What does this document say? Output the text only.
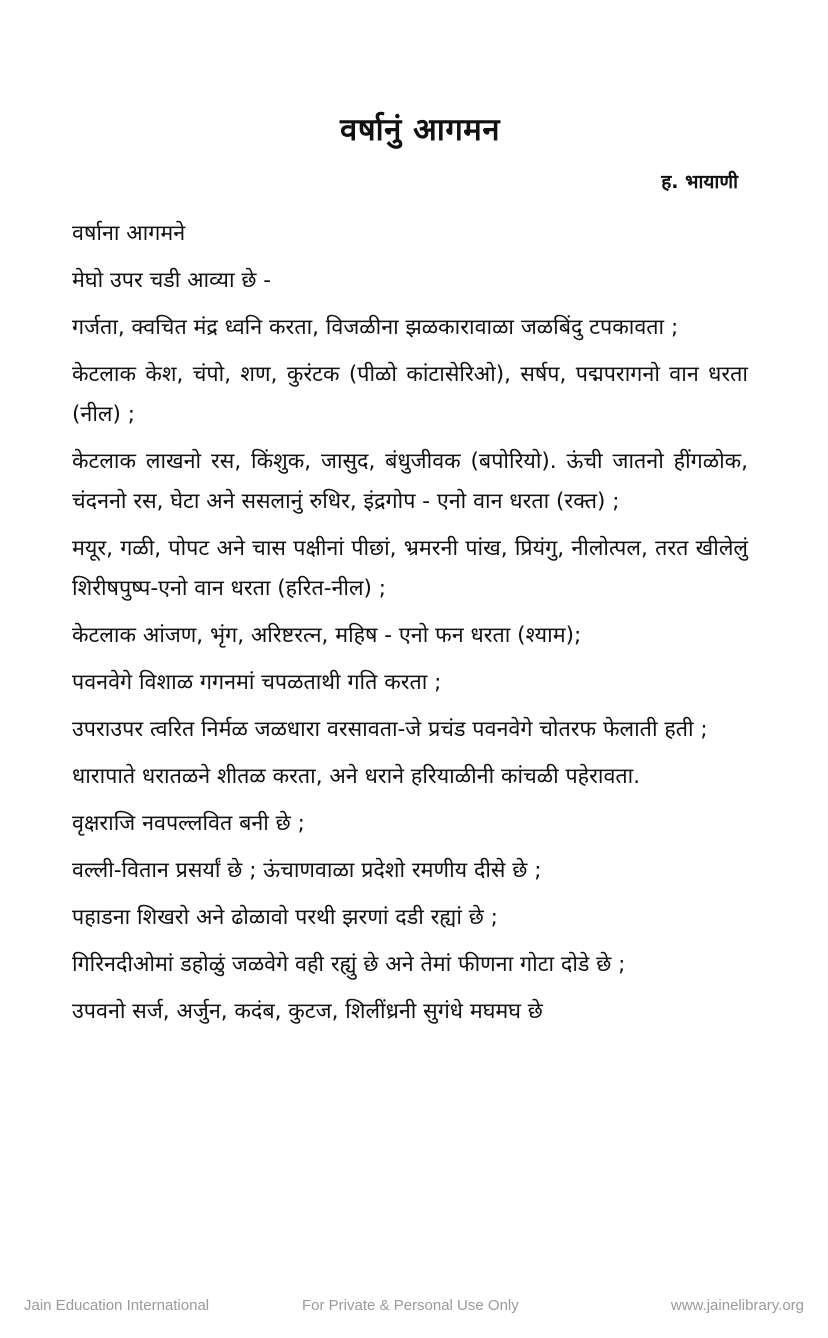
वर्षानुं आगमन
ह. भायाणी

वर्षाना आगमने

मेघो उपर चडी आव्या छे -

गर्जता, क्वचित मंद्र ध्वनि करता, विजळीना झळकारावाळा जळबिंदु टपकावता ;

केटलाक केश, चंपो, शण, कुरंटक (पीळो कांटासेरिओ), सर्षप, पद्मपरागनो वान धरता (नील) ;

केटलाक लाखनो रस, किंशुक, जासुद, बंधुजीवक (बपोरियो). ऊंची जातनो हींगळोक, चंदननो रस, घेटा अने ससलानुं रुधिर, इंद्रगोप - एनो वान धरता (रक्त) ;

मयूर, गळी, पोपट अने चास पक्षीनां पीछां, भ्रमरनी पांख, प्रियंगु, नीलोत्पल, तरत खीलेलुं शिरीषपुष्प-एनो वान धरता (हरित-नील) ;

केटलाक आंजण, भृंग, अरिष्टरत्न, महिष - एनो फन धरता (श्याम);

पवनवेगे विशाळ गगनमां चपळताथी गति करता ;

उपराउपर त्वरित निर्मळ जळधारा वरसावता-जे प्रचंड पवनवेगे चोतरफ फेलाती हती ;

धारापाते धरातळने शीतळ करता, अने धराने हरियाळीनी कांचळी पहेरावता.

वृक्षराजि नवपल्लवित बनी छे ;

वल्ली-वितान प्रसर्यां छे ; ऊंचाणवाळा प्रदेशो रमणीय दीसे छे ;

पहाडना शिखरो अने ढोळावो परथी झरणां दडी रह्यां छे ;

गिरिनदीओमां डहोळुं जळवेगे वही रह्युं छे अने तेमां फीणना गोटा दोडे छे ;

उपवनो सर्ज, अर्जुन, कदंब, कुटज, शिलींध्रनी सुगंधे मघमघ छे

Jain Education International	For Private & Personal Use Only	www.jainelibrary.org
